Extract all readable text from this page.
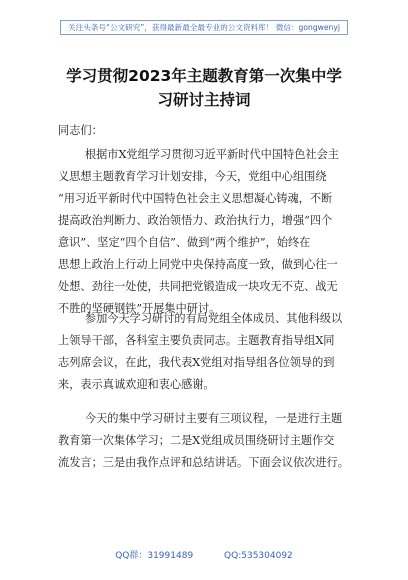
关注头条号“公文研究”，获得最新最全最专业的公文资料库！ 微信：gongwenyj
学习贯彻2023年主题教育第一次集中学
习研讨主持词
同志们：
根据市X党组学习贯彻习近平新时代中国特色社会主
义思想主题教育学习计划安排，今天，党组中心组围绕
“用习近平新时代中国特色社会主义思想凝心铸魂，不断
提高政治判断力、政治领悟力、政治执行力，增强“四个
意识”、坚定“四个自信”、做到“两个维护”，始终在
思想上政治上行动上同党中央保持高度一致，做到心往一
处想、劲往一处使，共同把党锻造成一块攻无不克、战无
不胜的坚硬钢铁”开展集中研讨。
参加今天学习研讨的有局党组全体成员、其他科级以
上领导干部，各科室主要负责同志。主题教育指导组X同
志列席会议，在此，我代表X党组对指导组各位领导的到
来，表示真诚欢迎和衷心感谢。
今天的集中学习研讨主要有三项议程，一是进行主题
教育第一次集体学习；二是X党组成员围绕研讨主题作交
流发言；三是由我作点评和总结讲话。下面会议依次进行。
QQ群：31991489	QQ:535304092
